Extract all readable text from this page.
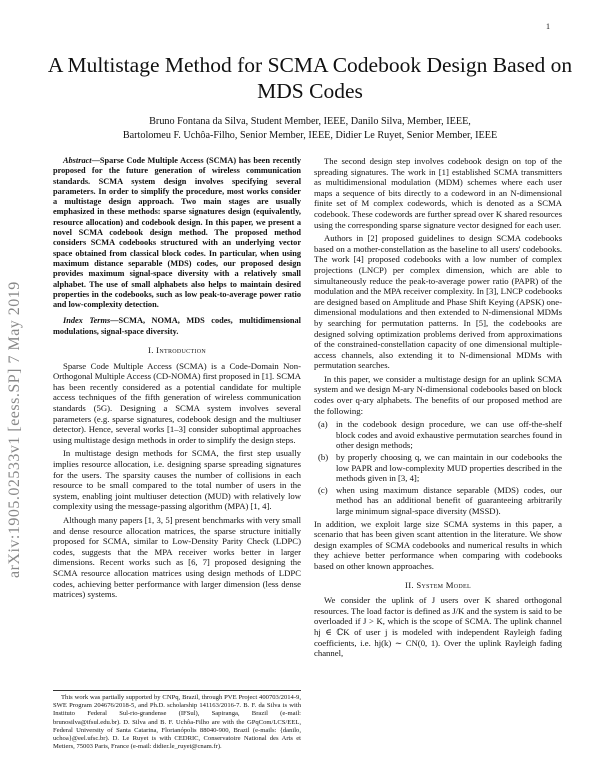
1
arXiv:1905.02533v1 [eess.SP] 7 May 2019
A Multistage Method for SCMA Codebook Design Based on MDS Codes
Bruno Fontana da Silva, Student Member, IEEE, Danilo Silva, Member, IEEE,
Bartolomeu F. Uchôa-Filho, Senior Member, IEEE, Didier Le Ruyet, Senior Member, IEEE

Abstract—Sparse Code Multiple Access (SCMA) has been recently proposed for the future generation of wireless communication standards. SCMA system design involves specifying several parameters. In order to simplify the procedure, most works consider a multistage design approach. Two main stages are usually emphasized in these methods: sparse signatures design (equivalently, resource allocation) and codebook design. In this paper, we present a novel SCMA codebook design method. The proposed method considers SCMA codebooks structured with an underlying vector space obtained from classical block codes. In particular, when using maximum distance separable (MDS) codes, our proposed design provides maximum signal-space diversity with a relatively small alphabet. The use of small alphabets also helps to maintain desired properties in the codebooks, such as low peak-to-average power ratio and low-complexity detection.

Index Terms—SCMA, NOMA, MDS codes, multidimensional modulations, signal-space diversity.

I. Introduction

Sparse Code Multiple Access (SCMA) is a Code-Domain Non-Orthogonal Multiple Access (CD-NOMA) first proposed in [1]. SCMA has been recently considered as a potential candidate for multiple access techniques of the fifth generation of wireless communication standards (5G). Designing a SCMA system involves several parameters (e.g. sparse signatures, codebook design and the multiuser detector). Hence, several works [1–3] consider suboptimal approaches using multistage design methods in order to simplify the design steps.

In multistage design methods for SCMA, the first step usually implies resource allocation, i.e. designing sparse spreading signatures for the users. The sparsity causes the number of collisions in each resource to be small compared to the total number of users in the system, enabling joint multiuser detection (MUD) with relatively low complexity using the message-passing algorithm (MPA) [1, 4].

Although many papers [1, 3, 5] present benchmarks with very small and dense resource allocation matrices, the sparse structure initially proposed for SCMA, similar to Low-Density Parity Check (LDPC) codes, suggests that the MPA receiver works better in larger dimensions. Recent works such as [6, 7] proposed designing the SCMA resource allocation matrices using design methods of LDPC codes, achieving better performance with larger dimension (less dense matrices) systems.

This work was partially supported by CNPq, Brazil, through PVE Project 400703/2014-9, SWE Program 204676/2018-5, and Ph.D. scholarship 141163/2016-7. B. F. da Silva is with Instituto Federal Sul-rio-grandense (IFSul), Sapiranga, Brazil (e-mail: brunosilva@ifsul.edu.br). D. Silva and B. F. Uchôa-Filho are with the GPqCom/LCS/EEL, Federal University of Santa Catarina, Florianópolis 88040-900, Brazil (e-mails: {danilo, uchoa}@eel.ufsc.br). D. Le Ruyet is with CEDRIC, Conservatoire National des Arts et Metiers, 75003 Paris, France (e-mail: didier.le_ruyet@cnam.fr).

The second design step involves codebook design on top of the spreading signatures. The work in [1] established SCMA transmitters as multidimensional modulation (MDM) schemes where each user maps a sequence of bits directly to a codeword in an N-dimensional finite set of M complex codewords, which is denoted as a SCMA codebook. These codewords are further spread over K shared resources using the corresponding sparse signature vector designed for each user.

Authors in [2] proposed guidelines to design SCMA codebooks based on a mother-constellation as the baseline to all users' codebooks. The work [4] proposed codebooks with a low number of complex projections (LNCP) per complex dimension, which are able to simultaneously reduce the peak-to-average power ratio (PAPR) of the modulation and the MPA receiver complexity. In [3], LNCP codebooks are designed based on Amplitude and Phase Shift Keying (APSK) one-dimensional modulations and then extended to N-dimensional MDMs by searching for permutation patterns. In [5], the codebooks are designed solving optimization problems derived from approximations of the constrained-constellation capacity of one dimensional multiple-access channels, also extending it to N-dimensional MDMs with permutation searches.

In this paper, we consider a multistage design for an uplink SCMA system and we design M-ary N-dimensional codebooks based on block codes over q-ary alphabets. The benefits of our proposed method are the following:

(a) in the codebook design procedure, we can use off-the-shelf block codes and avoid exhaustive permutation searches found in other design methods;
(b) by properly choosing q, we can maintain in our codebooks the low PAPR and low-complexity MUD properties described in the methods given in [3, 4];
(c) when using maximum distance separable (MDS) codes, our method has an additional benefit of guaranteeing arbitrarily large minimum signal-space diversity (MSSD).

In addition, we exploit large size SCMA systems in this paper, a scenario that has been given scant attention in the literature. We show design examples of SCMA codebooks and numerical results in which they achieve better performance when comparing with codebooks based on other known approaches.

II. System Model

We consider the uplink of J users over K shared orthogonal resources. The load factor is defined as J/K and the system is said to be overloaded if J > K, which is the scope of SCMA. The uplink channel hj ∈ ℂK of user j is modeled with independent Rayleigh fading coefficients, i.e. hj(k) ∼ CN(0, 1). Over the uplink Rayleigh fading channel,
